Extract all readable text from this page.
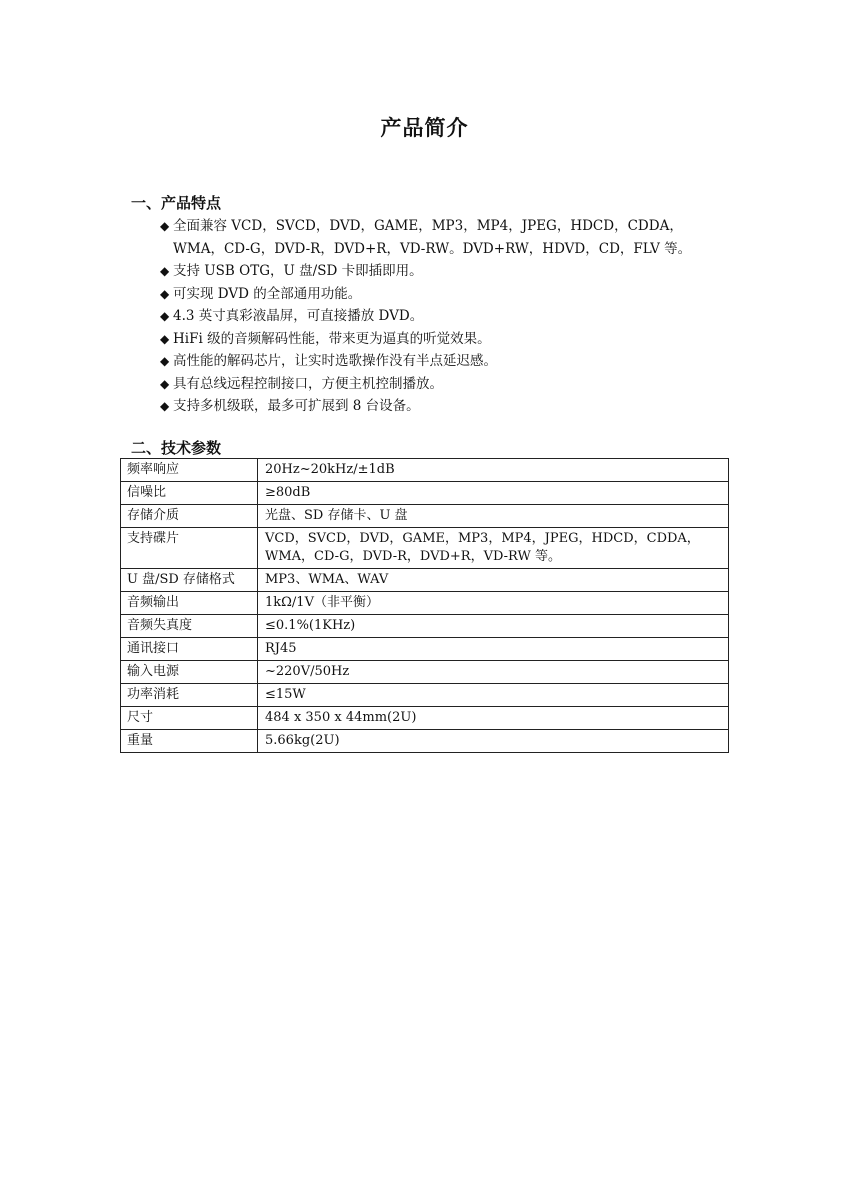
产品简介
一、产品特点
◆ 全面兼容 VCD，SVCD，DVD，GAME，MP3，MP4，JPEG，HDCD，CDDA，WMA，CD-G，DVD-R，DVD+R，VD-RW。DVD+RW，HDVD，CD，FLV 等。
◆ 支持 USB OTG，U 盘/SD 卡即插即用。
◆ 可实现 DVD 的全部通用功能。
◆ 4.3 英寸真彩液晶屏，可直接播放 DVD。
◆ HiFi 级的音频解码性能，带来更为逼真的听觉效果。
◆ 高性能的解码芯片，让实时选歌操作没有半点延迟感。
◆ 具有总线远程控制接口，方便主机控制播放。
◆ 支持多机级联，最多可扩展到 8 台设备。
二、技术参数
频率响应	20Hz~20kHz/±1dB
信噪比	≥80dB
存储介质	光盘、SD 存储卡、U 盘
支持碟片	VCD，SVCD，DVD，GAME，MP3，MP4，JPEG，HDCD，CDDA，WMA，CD-G，DVD-R，DVD+R，VD-RW 等。
U 盘/SD 存储格式	MP3、WMA、WAV
音频输出	1kΩ/1V（非平衡）
音频失真度	≤0.1%(1KHz)
通讯接口	RJ45
输入电源	~220V/50Hz
功率消耗	≤15W
尺寸	484 x 350 x 44mm(2U)
重量	5.66kg(2U)
